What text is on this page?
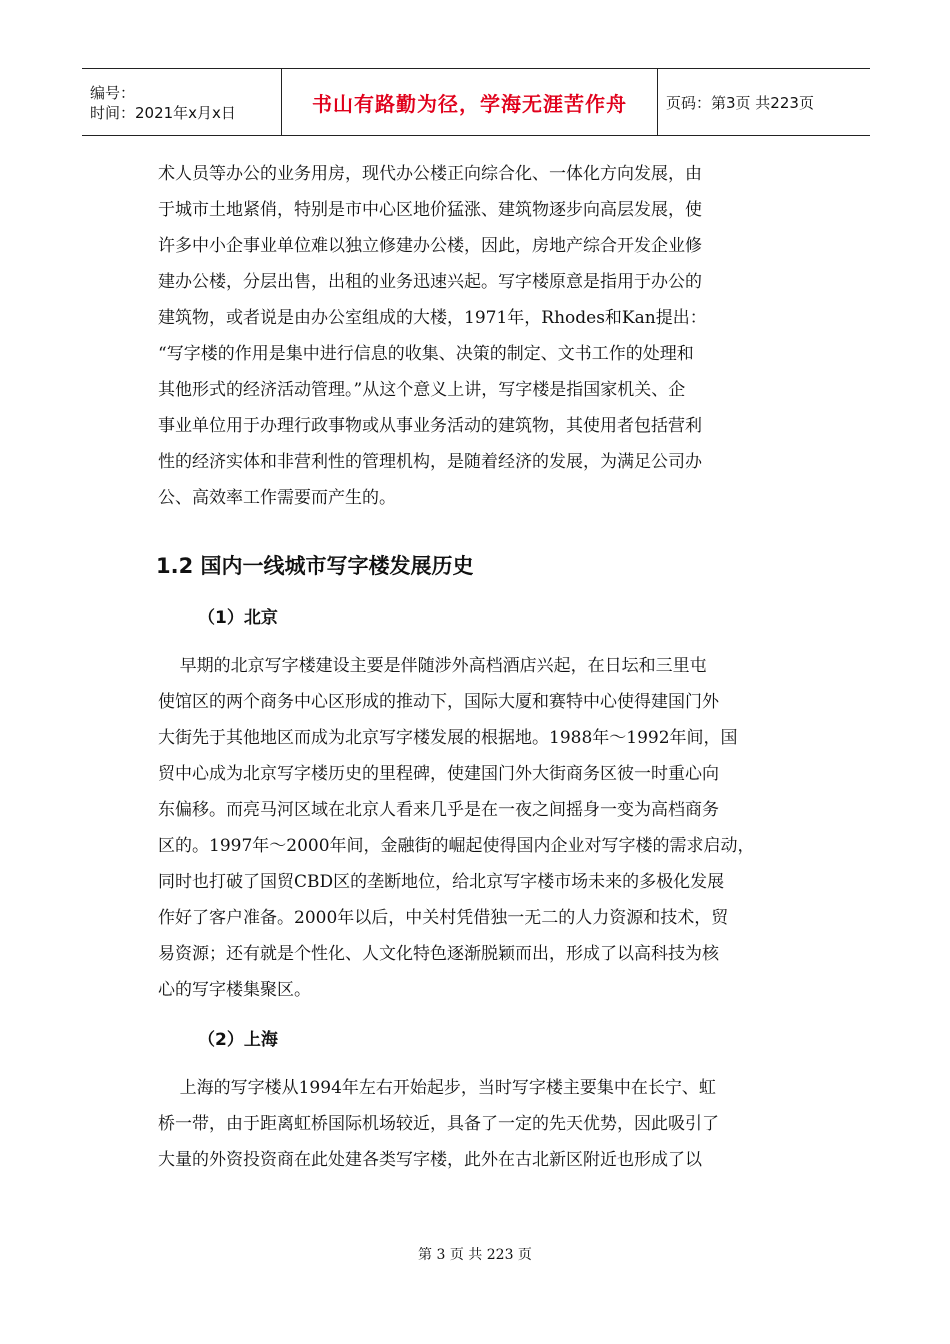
编号：
时间：2021年x月x日	书山有路勤为径，学海无涯苦作舟	页码：第3页 共223页
术人员等办公的业务用房，现代办公楼正向综合化、一体化方向发展，由
于城市土地紧俏，特别是市中心区地价猛涨、建筑物逐步向高层发展，使
许多中小企事业单位难以独立修建办公楼，因此，房地产综合开发企业修
建办公楼，分层出售，出租的业务迅速兴起。写字楼原意是指用于办公的
建筑物，或者说是由办公室组成的大楼，1971年，Rhodes和Kan提出：
“写字楼的作用是集中进行信息的收集、决策的制定、文书工作的处理和
其他形式的经济活动管理。”从这个意义上讲，写字楼是指国家机关、企
事业单位用于办理行政事物或从事业务活动的建筑物，其使用者包括营利
性的经济实体和非营利性的管理机构，是随着经济的发展，为满足公司办
公、高效率工作需要而产生的。
1.2 国内一线城市写字楼发展历史
（1）北京
早期的北京写字楼建设主要是伴随涉外高档酒店兴起，在日坛和三里屯
使馆区的两个商务中心区形成的推动下，国际大厦和赛特中心使得建国门外
大街先于其他地区而成为北京写字楼发展的根据地。1988年～1992年间，国
贸中心成为北京写字楼历史的里程碑，使建国门外大街商务区彼一时重心向
东偏移。而亮马河区域在北京人看来几乎是在一夜之间摇身一变为高档商务
区的。1997年～2000年间，金融街的崛起使得国内企业对写字楼的需求启动，
同时也打破了国贸CBD区的垄断地位，给北京写字楼市场未来的多极化发展
作好了客户准备。2000年以后，中关村凭借独一无二的人力资源和技术，贸
易资源；还有就是个性化、人文化特色逐渐脱颖而出，形成了以高科技为核
心的写字楼集聚区。
（2）上海
上海的写字楼从1994年左右开始起步，当时写字楼主要集中在长宁、虹
桥一带，由于距离虹桥国际机场较近，具备了一定的先天优势，因此吸引了
大量的外资投资商在此处建各类写字楼，此外在古北新区附近也形成了以
第 3 页 共 223 页
